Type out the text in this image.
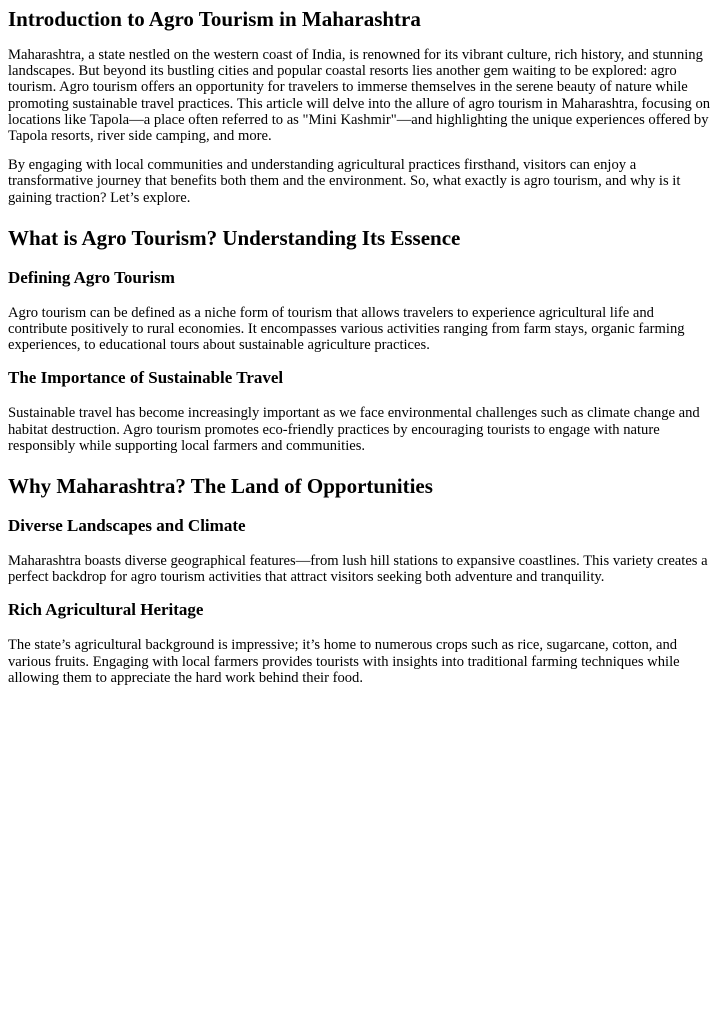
Introduction to Agro Tourism in Maharashtra

Maharashtra, a state nestled on the western coast of India, is renowned for its vibrant culture, rich history, and stunning landscapes. But beyond its bustling cities and popular coastal resorts lies another gem waiting to be explored: agro tourism. Agro tourism offers an opportunity for travelers to immerse themselves in the serene beauty of nature while promoting sustainable travel practices. This article will delve into the allure of agro tourism in Maharashtra, focusing on locations like Tapola—a place often referred to as "Mini Kashmir"—and highlighting the unique experiences offered by Tapola resorts, river side camping, and more.

By engaging with local communities and understanding agricultural practices firsthand, visitors can enjoy a transformative journey that benefits both them and the environment. So, what exactly is agro tourism, and why is it gaining traction? Let’s explore.

What is Agro Tourism? Understanding Its Essence
Defining Agro Tourism

Agro tourism can be defined as a niche form of tourism that allows travelers to experience agricultural life and contribute positively to rural economies. It encompasses various activities ranging from farm stays, organic farming experiences, to educational tours about sustainable agriculture practices.

The Importance of Sustainable Travel

Sustainable travel has become increasingly important as we face environmental challenges such as climate change and habitat destruction. Agro tourism promotes eco-friendly practices by encouraging tourists to engage with nature responsibly while supporting local farmers and communities.

Why Maharashtra? The Land of Opportunities
Diverse Landscapes and Climate

Maharashtra boasts diverse geographical features—from lush hill stations to expansive coastlines. This variety creates a perfect backdrop for agro tourism activities that attract visitors seeking both adventure and tranquility.

Rich Agricultural Heritage

The state’s agricultural background is impressive; it’s home to numerous crops such as rice, sugarcane, cotton, and various fruits. Engaging with local farmers provides tourists with insights into traditional farming techniques while allowing them to appreciate the hard work behind their food.
